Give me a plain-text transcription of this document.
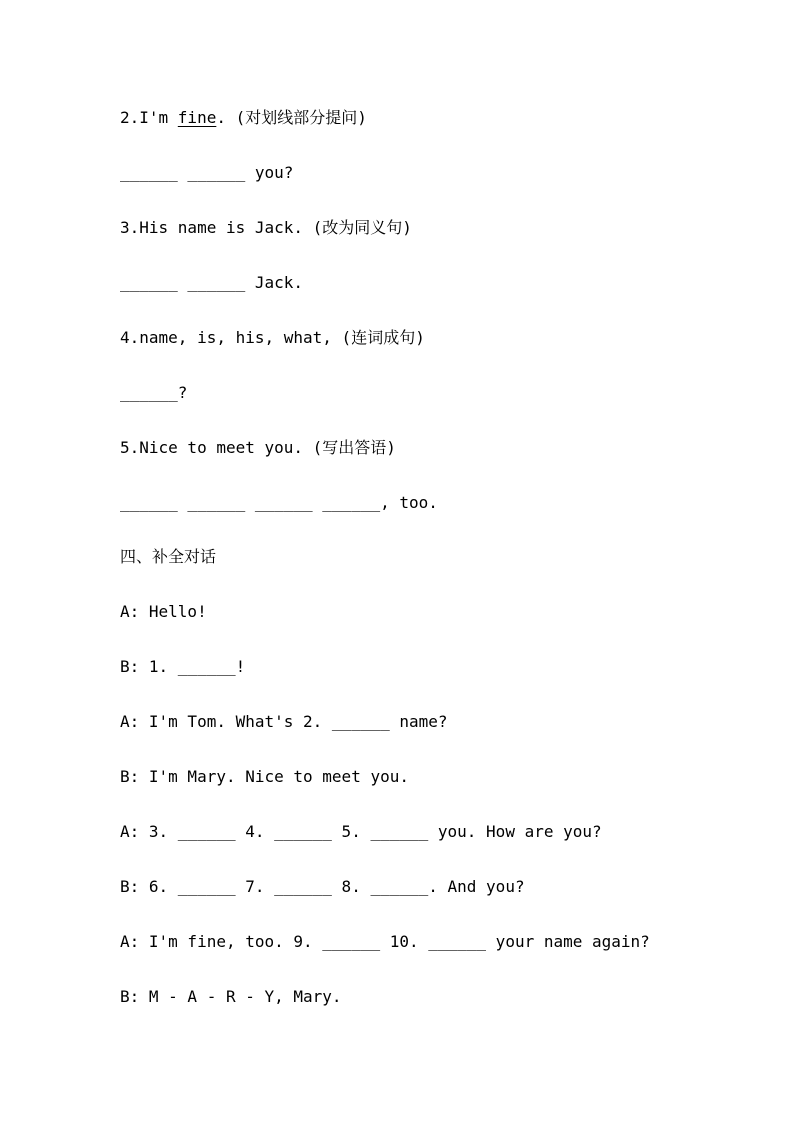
2.I'm fine. (对划线部分提问)
______ ______ you?
3.His name is Jack. (改为同义句)
______ ______ Jack.
4.name, is, his, what, (连词成句)
______?
5.Nice to meet you. (写出答语)
______ ______ ______ ______, too.
四、补全对话
A: Hello!
B: 1. ______!
A: I'm Tom. What's 2. ______ name?
B: I'm Mary. Nice to meet you.
A: 3. ______ 4. ______ 5. ______ you. How are you?
B: 6. ______ 7. ______ 8. ______. And you?
A: I'm fine, too. 9. ______ 10. ______ your name again?
B: M - A - R - Y, Mary.
